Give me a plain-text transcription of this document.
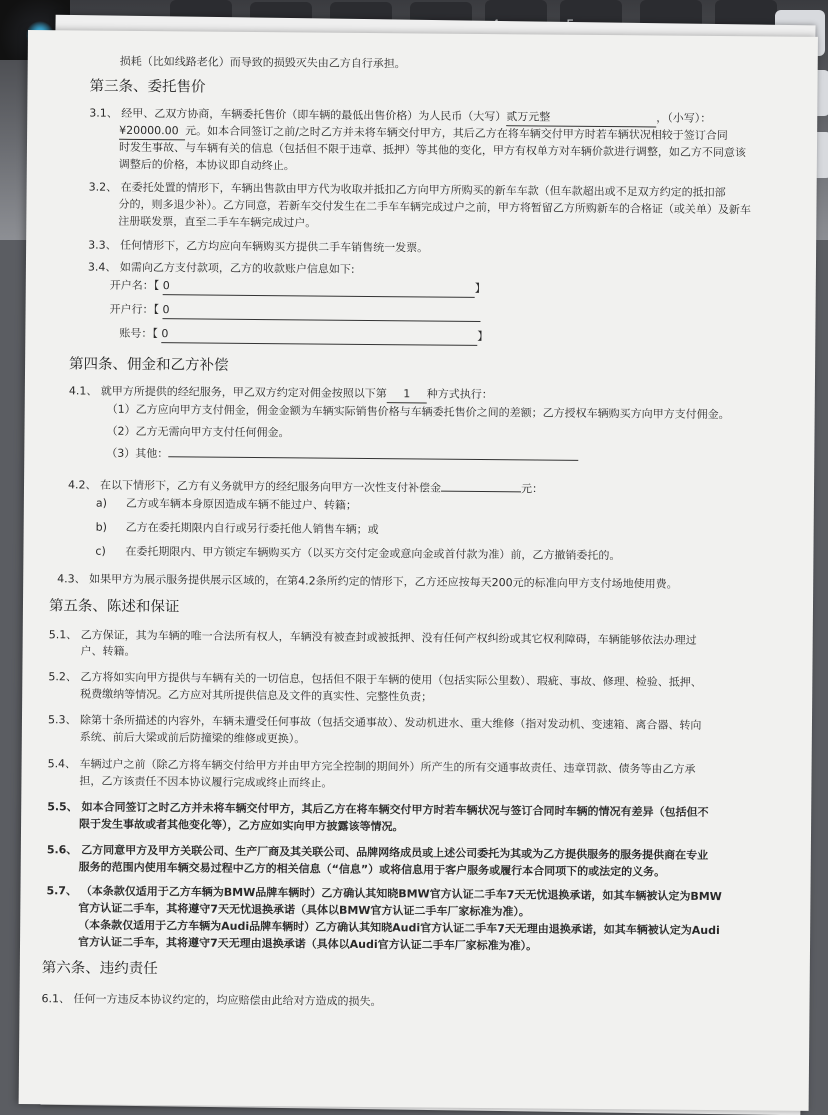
损耗（比如线路老化）而导致的损毁灭失由乙方自行承担。
第三条、委托售价
3.1、 经甲、乙双方协商，车辆委托售价（即车辆的最低出售价格）为人民币（大写）贰万元整	，（小写）：
¥20000.00 元。如本合同签订之前/之时乙方并未将车辆交付甲方，其后乙方在将车辆交付甲方时若车辆状况相较于签订合同
时发生事故、与车辆有关的信息（包括但不限于违章、抵押）等其他的变化，甲方有权单方对车辆价款进行调整，如乙方不同意该
调整后的价格，本协议即自动终止。
3.2、 在委托处置的情形下，车辆出售款由甲方代为收取并抵扣乙方向甲方所购买的新车车款（但车款超出或不足双方约定的抵扣部
分的，则多退少补）。乙方同意，若新车交付发生在二手车车辆完成过户之前，甲方将暂留乙方所购新车的合格证（或关单）及新车
注册联发票，直至二手车车辆完成过户。
3.3、 任何情形下，乙方均应向车辆购买方提供二手车销售统一发票。
3.4、 如需向乙方支付款项，乙方的收款账户信息如下:
开户名：【 0	】
开户行：【 0
账号：【 0	】
第四条、佣金和乙方补偿
4.1、 就甲方所提供的经纪服务，甲乙双方约定对佣金按照以下第 1 种方式执行：
（1）乙方应向甲方支付佣金，佣金金额为车辆实际销售价格与车辆委托售价之间的差额；乙方授权车辆购买方向甲方支付佣金。
（2）乙方无需向甲方支付任何佣金。
（3）其他：
4.2、 在以下情形下，乙方有义务就甲方的经纪服务向甲方一次性支付补偿金	元：
a) 乙方或车辆本身原因造成车辆不能过户、转籍；
b) 乙方在委托期限内自行或另行委托他人销售车辆；或
c) 在委托期限内、甲方锁定车辆购买方（以买方交付定金或意向金或首付款为准）前，乙方撤销委托的。
4.3、 如果甲方为展示服务提供展示区域的，在第4.2条所约定的情形下，乙方还应按每天200元的标准向甲方支付场地使用费。
第五条、陈述和保证
5.1、 乙方保证，其为车辆的唯一合法所有权人，车辆没有被查封或被抵押、没有任何产权纠纷或其它权利障碍，车辆能够依法办理过
户、转籍。
5.2、 乙方将如实向甲方提供与车辆有关的一切信息，包括但不限于车辆的使用（包括实际公里数）、瑕疵、事故、修理、检验、抵押、
税费缴纳等情况。乙方应对其所提供信息及文件的真实性、完整性负责；
5.3、 除第十条所描述的内容外，车辆未遭受任何事故（包括交通事故）、发动机进水、重大维修（指对发动机、变速箱、离合器、转向
系统、前后大梁或前后防撞梁的维修或更换）。
5.4、 车辆过户之前（除乙方将车辆交付给甲方并由甲方完全控制的期间外）所产生的所有交通事故责任、违章罚款、债务等由乙方承
担，乙方该责任不因本协议履行完成或终止而终止。
5.5、 如本合同签订之时乙方并未将车辆交付甲方，其后乙方在将车辆交付甲方时若车辆状况与签订合同时车辆的情况有差异（包括但不
限于发生事故或者其他变化等），乙方应如实向甲方披露该等情况。
5.6、 乙方同意甲方及甲方关联公司、生产厂商及其关联公司、品牌网络成员或上述公司委托为其或为乙方提供服务的服务提供商在专业
服务的范围内使用车辆交易过程中乙方的相关信息（“信息”）或将信息用于客户服务或履行本合同项下的或法定的义务。
5.7、 （本条款仅适用于乙方车辆为BMW品牌车辆时）乙方确认其知晓BMW官方认证二手车7天无忧退换承诺，如其车辆被认定为BMW
官方认证二手车，其将遵守7天无忧退换承诺（具体以BMW官方认证二手车厂家标准为准）。
（本条款仅适用于乙方车辆为Audi品牌车辆时）乙方确认其知晓Audi官方认证二手车7天无理由退换承诺，如其车辆被认定为Audi
官方认证二手车，其将遵守7天无理由退换承诺（具体以Audi官方认证二手车厂家标准为准）。
第六条、违约责任
6.1、 任何一方违反本协议约定的，均应赔偿由此给对方造成的损失。
